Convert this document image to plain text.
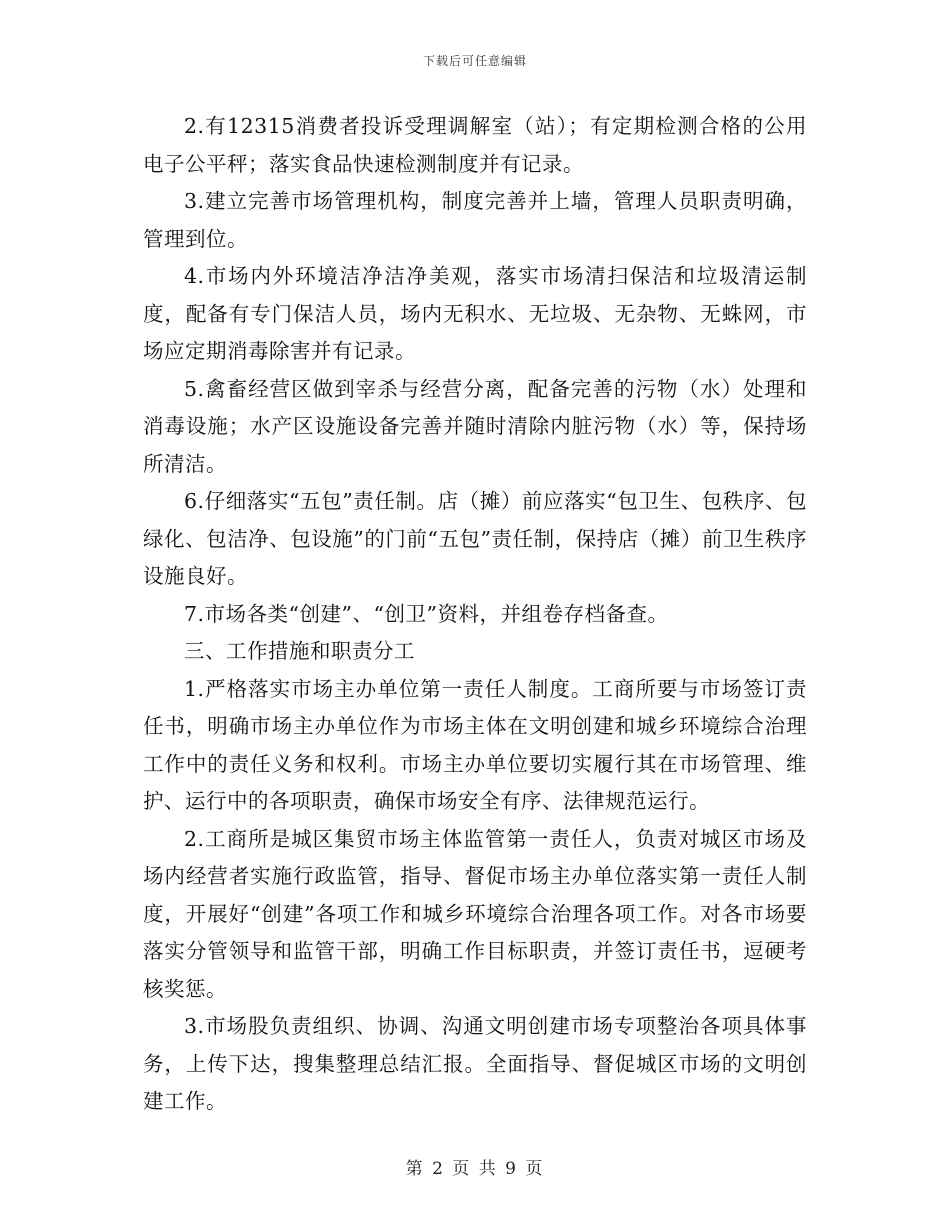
下载后可任意编辑

2.有12315消费者投诉受理调解室（站）；有定期检测合格的公用电子公平秤；落实食品快速检测制度并有记录。

3.建立完善市场管理机构，制度完善并上墙，管理人员职责明确，管理到位。

4.市场内外环境洁净洁净美观，落实市场清扫保洁和垃圾清运制度，配备有专门保洁人员，场内无积水、无垃圾、无杂物、无蛛网，市场应定期消毒除害并有记录。

5.禽畜经营区做到宰杀与经营分离，配备完善的污物（水）处理和消毒设施；水产区设施设备完善并随时清除内脏污物（水）等，保持场所清洁。

6.仔细落实“五包”责任制。店（摊）前应落实“包卫生、包秩序、包绿化、包洁净、包设施”的门前“五包”责任制，保持店（摊）前卫生秩序设施良好。

7.市场各类“创建”、“创卫”资料，并组卷存档备查。

三、工作措施和职责分工

1.严格落实市场主办单位第一责任人制度。工商所要与市场签订责任书，明确市场主办单位作为市场主体在文明创建和城乡环境综合治理工作中的责任义务和权利。市场主办单位要切实履行其在市场管理、维护、运行中的各项职责，确保市场安全有序、法律规范运行。

2.工商所是城区集贸市场主体监管第一责任人，负责对城区市场及场内经营者实施行政监管，指导、督促市场主办单位落实第一责任人制度，开展好“创建”各项工作和城乡环境综合治理各项工作。对各市场要落实分管领导和监管干部，明确工作目标职责，并签订责任书，逗硬考核奖惩。

3.市场股负责组织、协调、沟通文明创建市场专项整治各项具体事务，上传下达，搜集整理总结汇报。全面指导、督促城区市场的文明创建工作。

第 2 页 共 9 页
